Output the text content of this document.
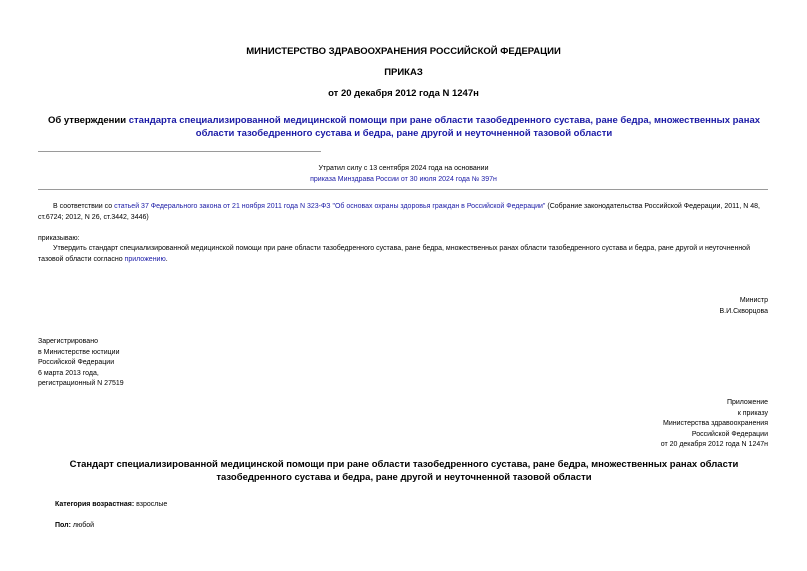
МИНИСТЕРСТВО ЗДРАВООХРАНЕНИЯ РОССИЙСКОЙ ФЕДЕРАЦИИ
ПРИКАЗ
от 20 декабря 2012 года N 1247н
Об утверждении стандарта специализированной медицинской помощи при ране области тазобедренного сустава, ране бедра, множественных ранах области тазобедренного сустава и бедра, ране другой и неуточненной тазовой области
Утратил силу с 13 сентября 2024 года на основании
приказа Минздрава России от 30 июля 2024 года № 397н
В соответствии со статьей 37 Федерального закона от 21 ноября 2011 года N 323-ФЗ "Об основах охраны здоровья граждан в Российской Федерации" (Собрание законодательства Российской Федерации, 2011, N 48, ст.6724; 2012, N 26, ст.3442, 3446)
приказываю:
Утвердить стандарт специализированной медицинской помощи при ране области тазобедренного сустава, ране бедра, множественных ранах области тазобедренного сустава и бедра, ране другой и неуточненной тазовой области согласно приложению.
Министр
В.И.Скворцова
Зарегистрировано
в Министерстве юстиции
Российской Федерации
6 марта 2013 года,
регистрационный N 27519
Приложение
к приказу
Министерства здравоохранения
Российской Федерации
от 20 декабря 2012 года N 1247н
Стандарт специализированной медицинской помощи при ране области тазобедренного сустава, ране бедра, множественных ранах области тазобедренного сустава и бедра, ране другой и неуточненной тазовой области
Категория возрастная: взрослые
Пол: любой
